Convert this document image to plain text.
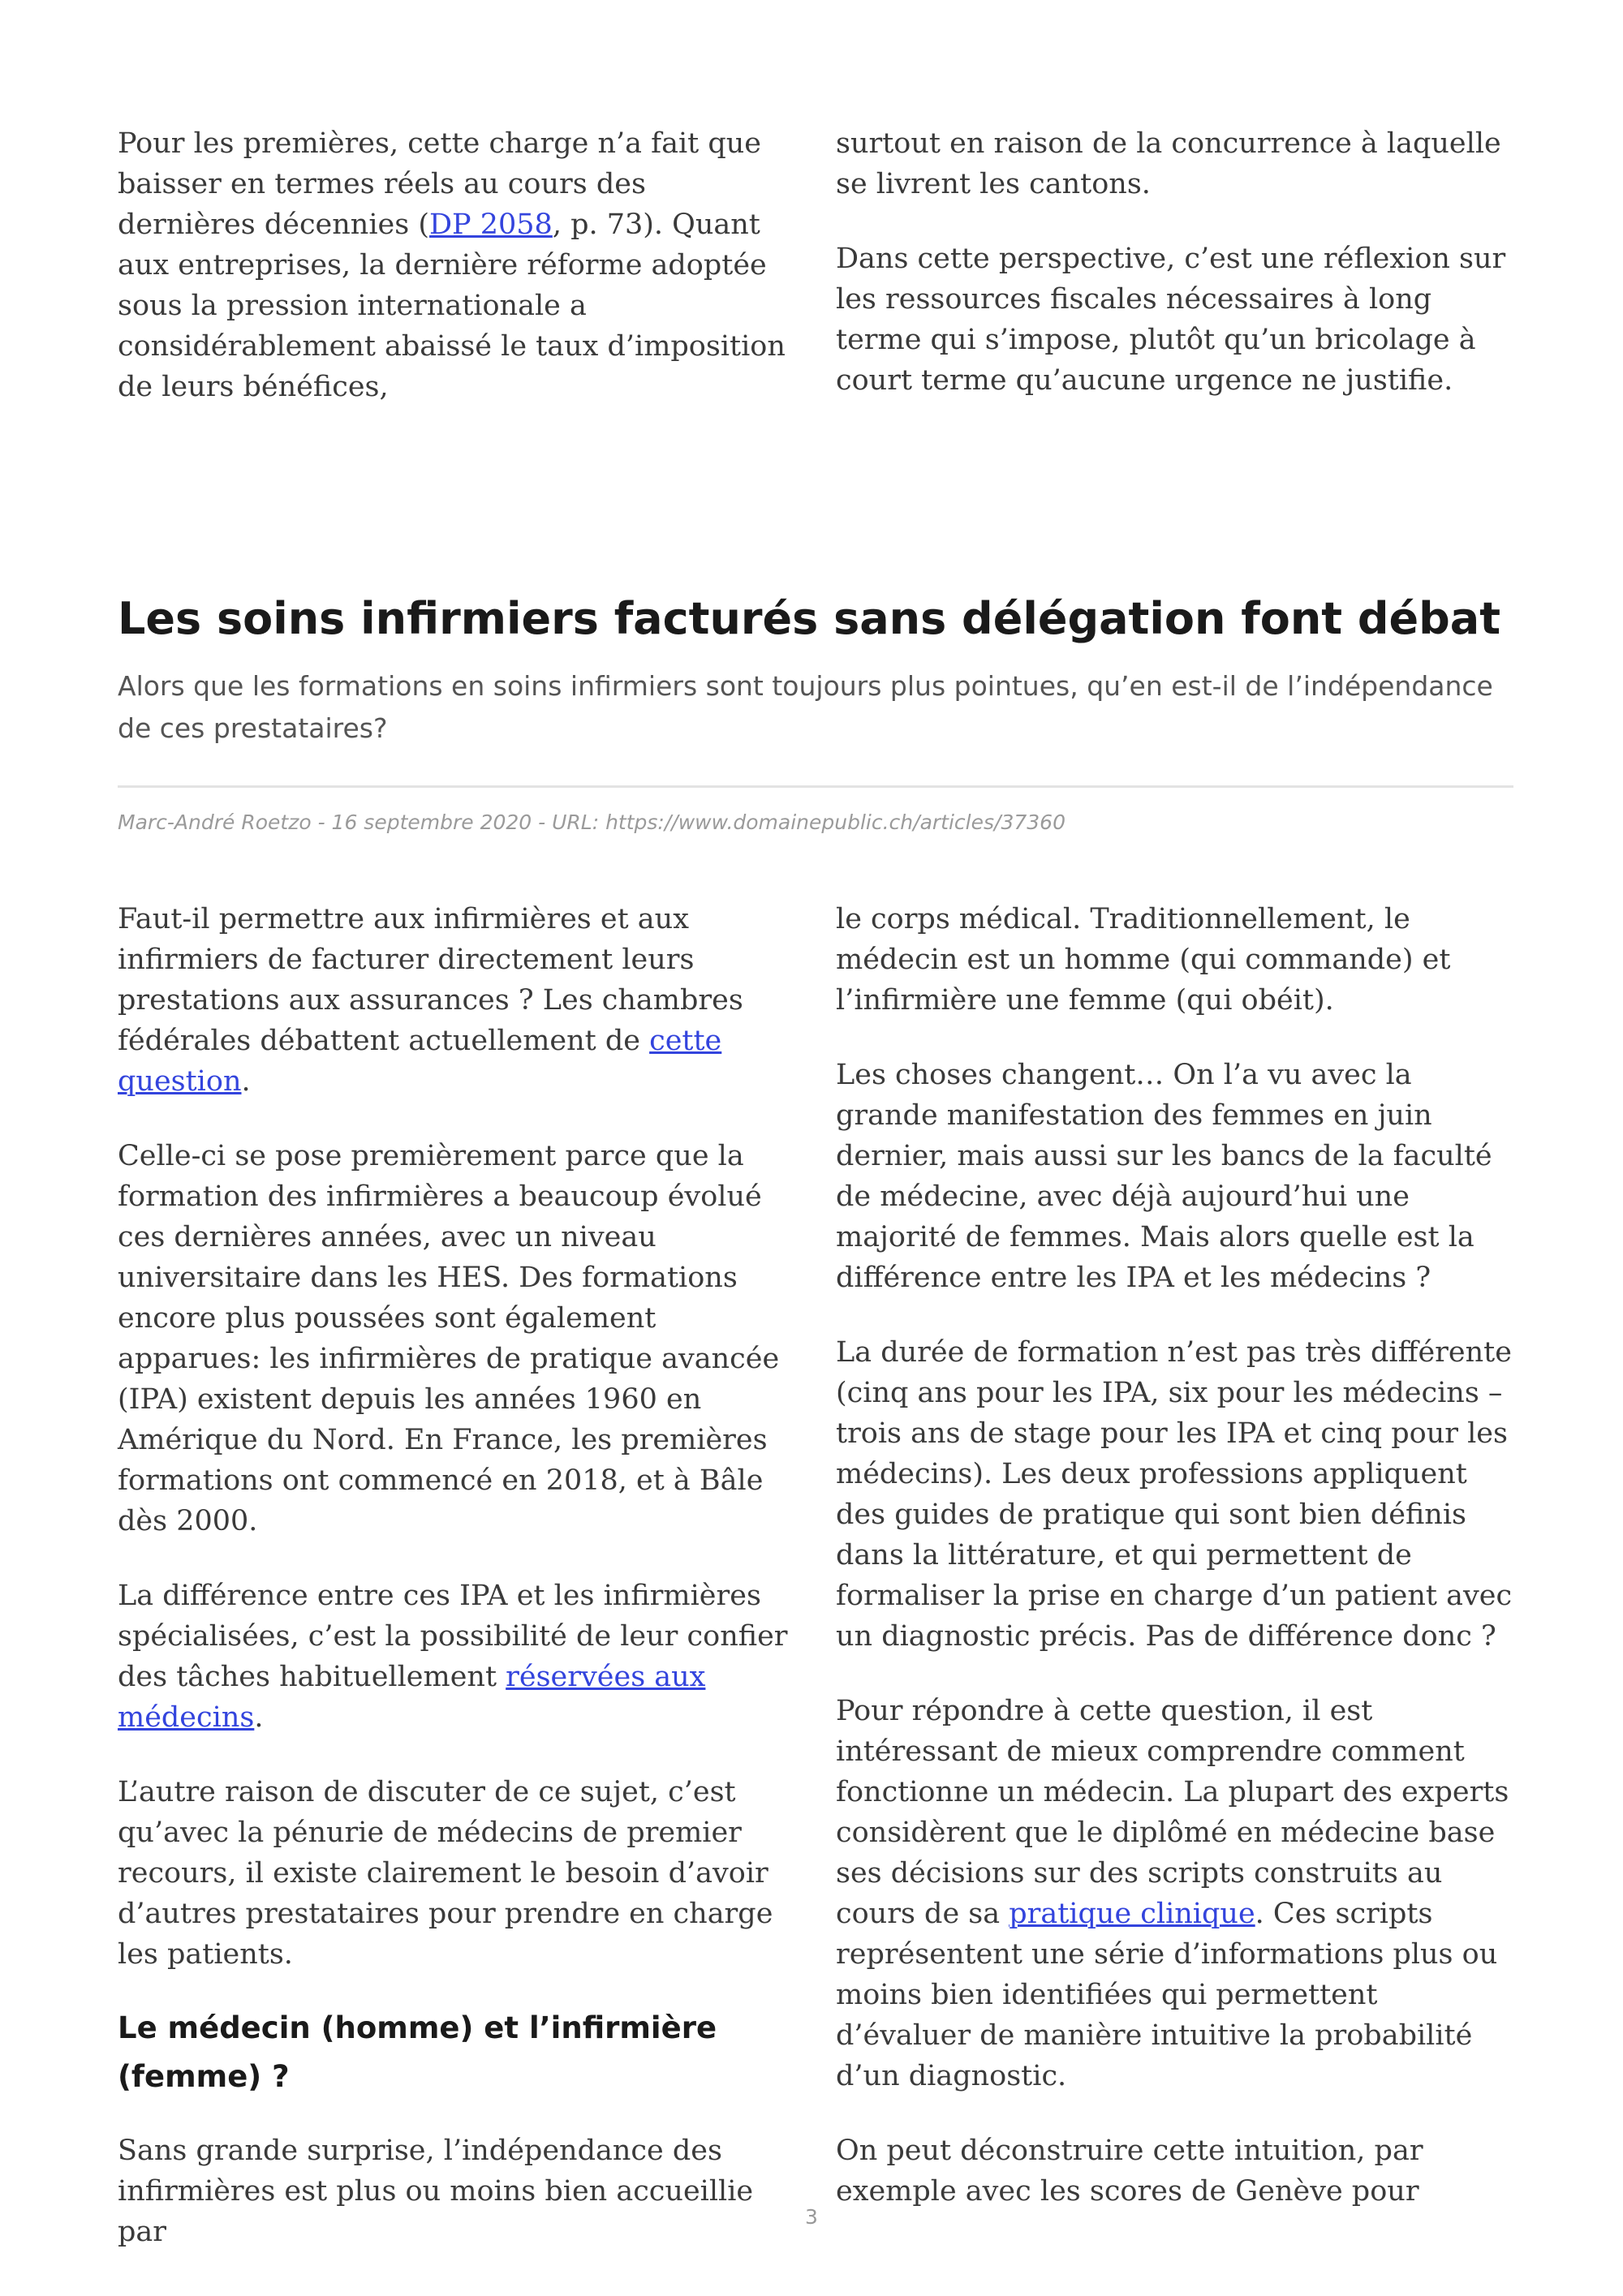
Pour les premières, cette charge n’a fait que baisser en termes réels au cours des dernières décennies (DP 2058, p. 73). Quant aux entreprises, la dernière réforme adoptée sous la pression internationale a considérablement abaissé le taux d’imposition de leurs bénéfices,

surtout en raison de la concurrence à laquelle se livrent les cantons.

Dans cette perspective, c’est une réflexion sur les ressources fiscales nécessaires à long terme qui s’impose, plutôt qu’un bricolage à court terme qu’aucune urgence ne justifie.

Les soins infirmiers facturés sans délégation font débat

Alors que les formations en soins infirmiers sont toujours plus pointues, qu’en est-il de l’indépendance de ces prestataires?

Marc-André Roetzo - 16 septembre 2020 - URL: https://www.domainepublic.ch/articles/37360

Faut-il permettre aux infirmières et aux infirmiers de facturer directement leurs prestations aux assurances ? Les chambres fédérales débattent actuellement de cette question.

Celle-ci se pose premièrement parce que la formation des infirmières a beaucoup évolué ces dernières années, avec un niveau universitaire dans les HES. Des formations encore plus poussées sont également apparues: les infirmières de pratique avancée (IPA) existent depuis les années 1960 en Amérique du Nord. En France, les premières formations ont commencé en 2018, et à Bâle dès 2000.

La différence entre ces IPA et les infirmières spécialisées, c’est la possibilité de leur confier des tâches habituellement réservées aux médecins.

L’autre raison de discuter de ce sujet, c’est qu’avec la pénurie de médecins de premier recours, il existe clairement le besoin d’avoir d’autres prestataires pour prendre en charge les patients.

Le médecin (homme) et l’infirmière (femme) ?

Sans grande surprise, l’indépendance des infirmières est plus ou moins bien accueillie par

le corps médical. Traditionnellement, le médecin est un homme (qui commande) et l’infirmière une femme (qui obéit).

Les choses changent… On l’a vu avec la grande manifestation des femmes en juin dernier, mais aussi sur les bancs de la faculté de médecine, avec déjà aujourd’hui une majorité de femmes. Mais alors quelle est la différence entre les IPA et les médecins ?

La durée de formation n’est pas très différente (cinq ans pour les IPA, six pour les médecins – trois ans de stage pour les IPA et cinq pour les médecins). Les deux professions appliquent des guides de pratique qui sont bien définis dans la littérature, et qui permettent de formaliser la prise en charge d’un patient avec un diagnostic précis. Pas de différence donc ?

Pour répondre à cette question, il est intéressant de mieux comprendre comment fonctionne un médecin. La plupart des experts considèrent que le diplômé en médecine base ses décisions sur des scripts construits au cours de sa pratique clinique. Ces scripts représentent une série d’informations plus ou moins bien identifiées qui permettent d’évaluer de manière intuitive la probabilité d’un diagnostic.

On peut déconstruire cette intuition, par exemple avec les scores de Genève pour

3
